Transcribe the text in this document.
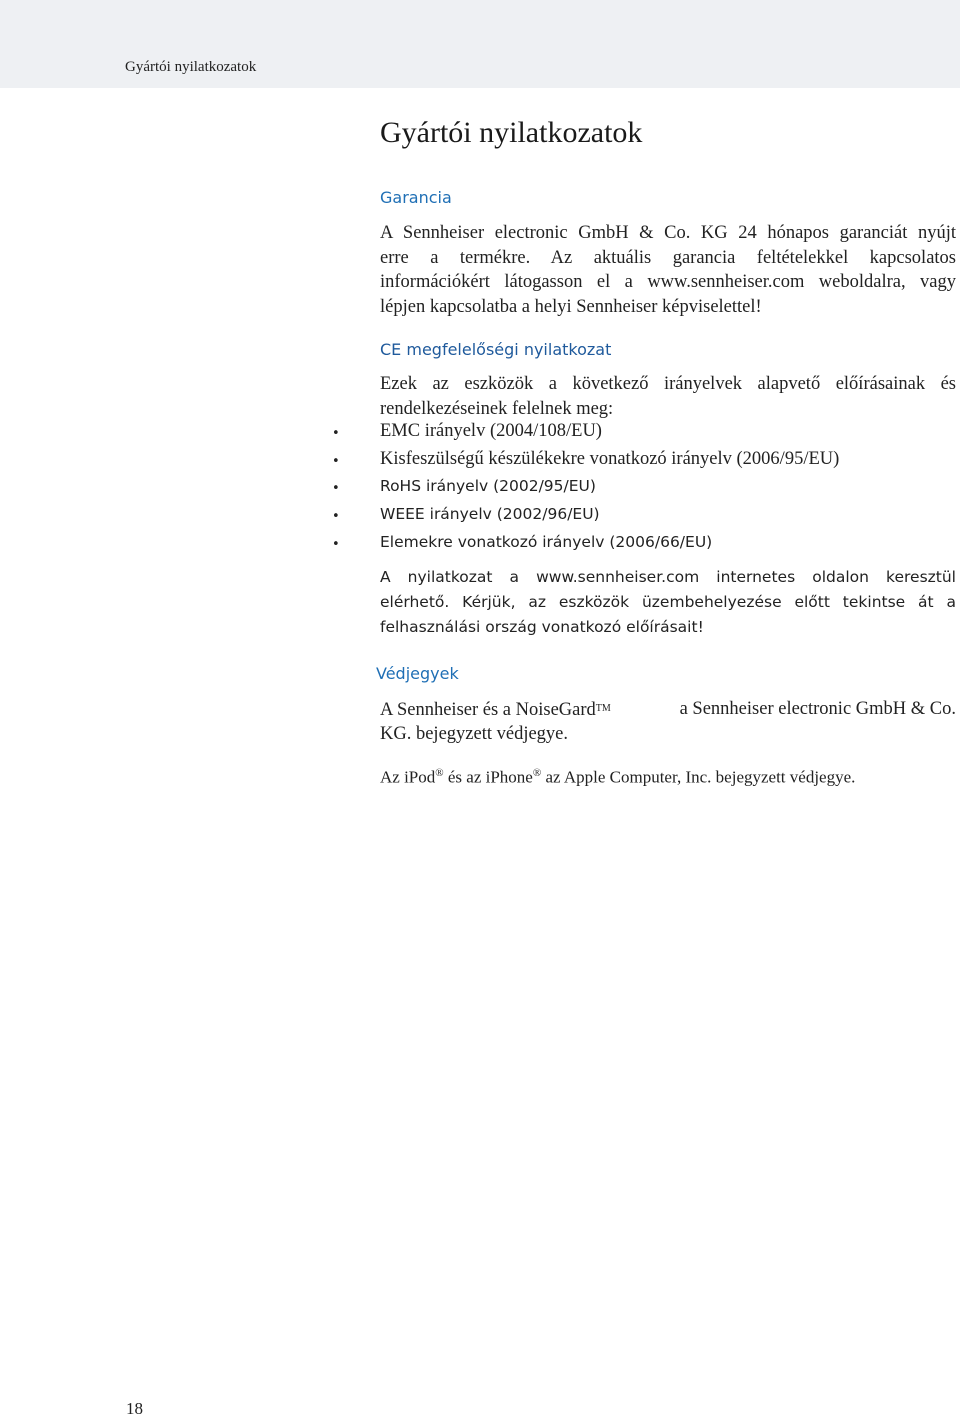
Gyártói nyilatkozatok
Gyártói nyilatkozatok
Garancia
A Sennheiser electronic GmbH & Co. KG 24 hónapos garanciát nyújt
erre a termékre. Az aktuális garancia feltételekkel kapcsolatos
információkért látogasson el a www.sennheiser.com weboldalra, vagy
lépjen kapcsolatba a helyi Sennheiser képviselettel!
CE megfelelőségi nyilatkozat
Ezek az eszközök a következő irányelvek alapvető előírásainak és
rendelkezéseinek felelnek meg:
• EMC irányelv (2004/108/EU)
• Kisfeszülségű készülékekre vonatkozó irányelv (2006/95/EU)
•	RoHS irányelv (2002/95/EU)
•	WEEE irányelv (2002/96/EU)
•	Elemekre vonatkozó irányelv (2006/66/EU)
A nyilatkozat a www.sennheiser.com internetes oldalon keresztül
elérhető. Kérjük, az eszközök üzembehelyezése előtt tekintse át a
felhasználási ország vonatkozó előírásait!
Védjegyek
A Sennheiser és a NoiseGard™	a Sennheiser electronic GmbH & Co.
KG. bejegyzett védjegye.
Az iPod® és az iPhone® az Apple Computer, Inc. bejegyzett védjegye.
18
